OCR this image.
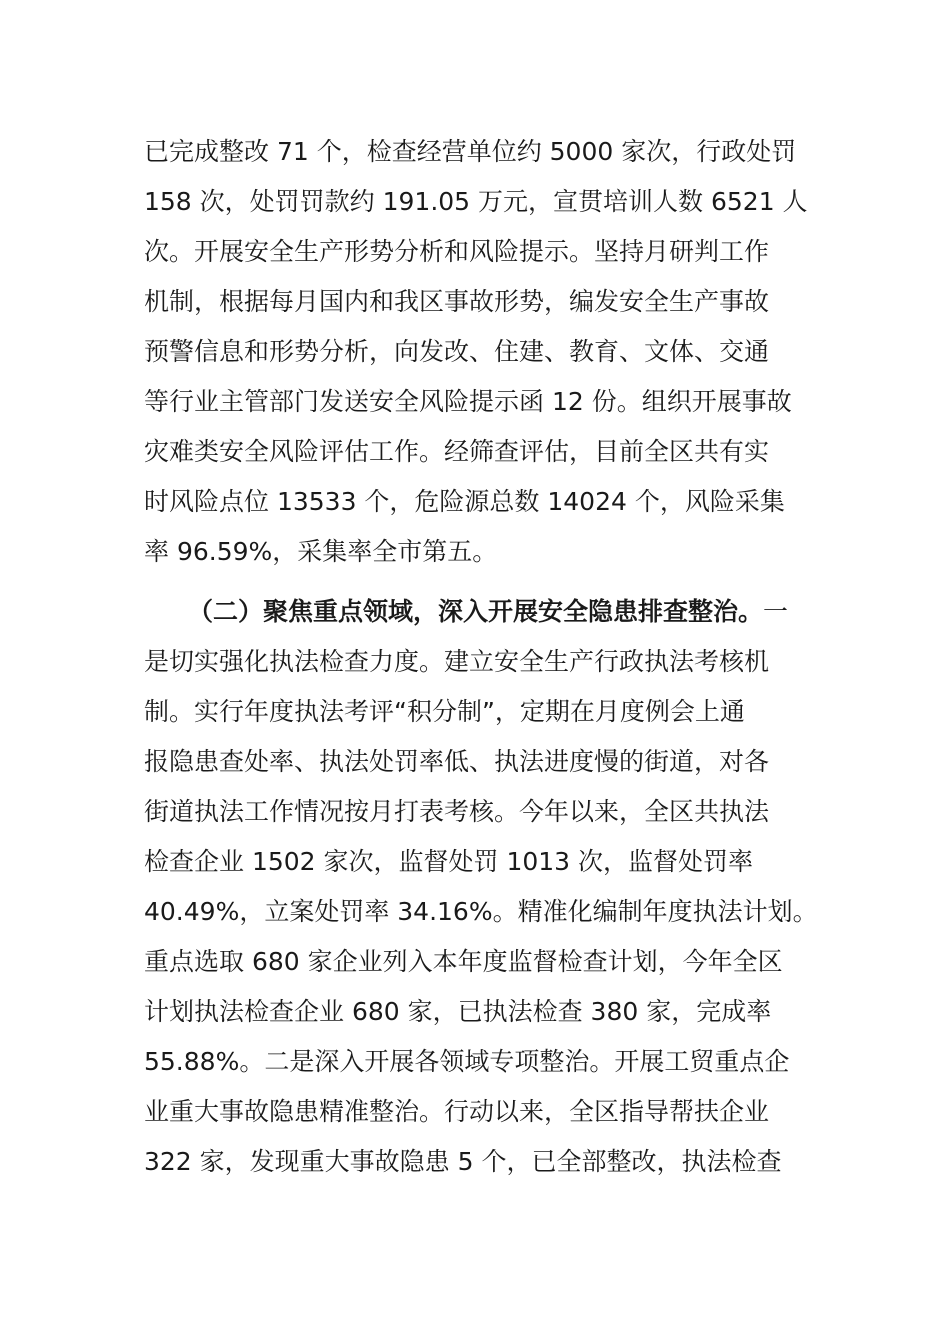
已完成整改 71 个，检查经营单位约 5000 家次，行政处罚
158 次，处罚罚款约 191.05 万元，宣贯培训人数 6521 人
次。开展安全生产形势分析和风险提示。坚持月研判工作
机制，根据每月国内和我区事故形势，编发安全生产事故
预警信息和形势分析，向发改、住建、教育、文体、交通
等行业主管部门发送安全风险提示函 12 份。组织开展事故
灾难类安全风险评估工作。经筛查评估，目前全区共有实
时风险点位 13533 个，危险源总数 14024 个，风险采集
率 96.59%，采集率全市第五。
（二）聚焦重点领域，深入开展安全隐患排查整治。一
是切实强化执法检查力度。建立安全生产行政执法考核机
制。实行年度执法考评“积分制”，定期在月度例会上通
报隐患查处率、执法处罚率低、执法进度慢的街道，对各
街道执法工作情况按月打表考核。今年以来，全区共执法
检查企业 1502 家次，监督处罚 1013 次，监督处罚率
40.49%，立案处罚率 34.16%。精准化编制年度执法计划。
重点选取 680 家企业列入本年度监督检查计划，今年全区
计划执法检查企业 680 家，已执法检查 380 家，完成率
55.88%。二是深入开展各领域专项整治。开展工贸重点企
业重大事故隐患精准整治。行动以来，全区指导帮扶企业
322 家，发现重大事故隐患 5 个，已全部整改，执法检查
